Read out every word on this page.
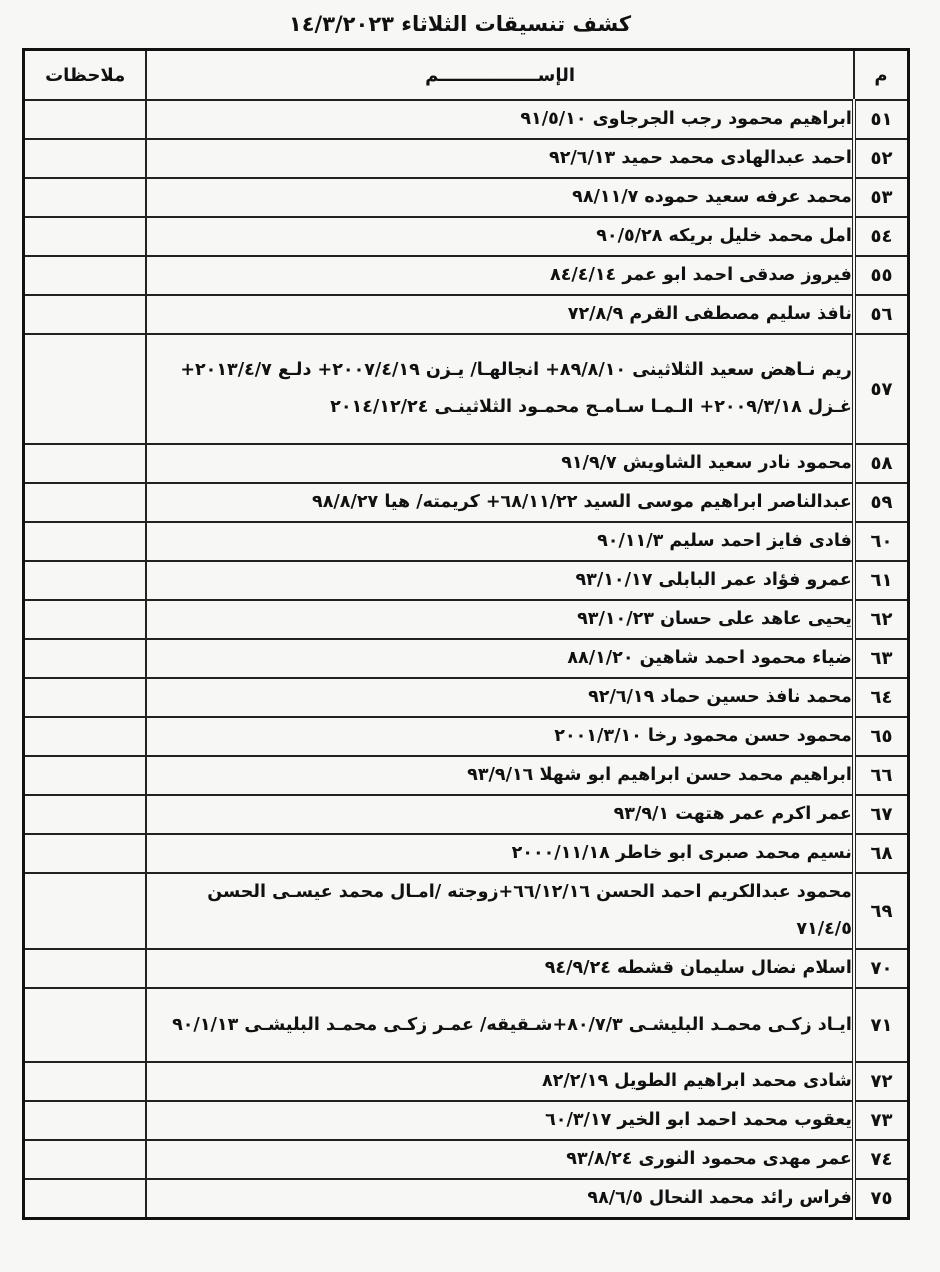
كشف تنسيقات الثلاثاء ١٤/٣/٢٠٢٣
م	الإســــــــــــــــم	ملاحظات
٥١	ابراهيم محمود رجب الجرجاوى ٩١/٥/١٠	
٥٢	احمد عبدالهادى محمد حميد ٩٢/٦/١٣	
٥٣	محمد عرفه سعيد حموده ٩٨/١١/٧	
٥٤	امل محمد خليل بريكه ٩٠/٥/٢٨	
٥٥	فيروز صدقى احمد ابو عمر ٨٤/٤/١٤	
٥٦	نافذ سليم مصطفى القرم ٧٢/٨/٩	
٥٧	ريم نـاهض سعيد الثلاثينى ٨٩/٨/١٠+ انجالهـا/ يـزن ٢٠٠٧/٤/١٩+ دلـع ٢٠١٣/٤/٧+ غـزل ٢٠٠٩/٣/١٨+ الـمـا سـامـح محمـود الثلاثينـى ٢٠١٤/١٢/٢٤	
٥٨	محمود نادر سعيد الشاويش ٩١/٩/٧	
٥٩	عبدالناصر ابراهيم موسى السيد ٦٨/١١/٢٢+ كريمته/ هيا ٩٨/٨/٢٧	
٦٠	فادى فايز احمد سليم ٩٠/١١/٣	
٦١	عمرو فؤاد عمر البابلى ٩٣/١٠/١٧	
٦٢	يحيى عاهد على حسان ٩٣/١٠/٢٣	
٦٣	ضياء محمود احمد شاهين ٨٨/١/٢٠	
٦٤	محمد نافذ حسين حماد ٩٢/٦/١٩	
٦٥	محمود حسن محمود رخا ٢٠٠١/٣/١٠	
٦٦	ابراهيم محمد حسن ابراهيم ابو شهلا ٩٣/٩/١٦	
٦٧	عمر اكرم عمر هتهت ٩٣/٩/١	
٦٨	نسيم محمد صبرى ابو خاطر ٢٠٠٠/١١/١٨	
٦٩	محمود عبدالكريم احمد الحسن ٦٦/١٢/١٦+زوجته /امـال محمد عيسـى الحسن ٧١/٤/٥	
٧٠	اسلام نضال سليمان قشطه ٩٤/٩/٢٤	
٧١	ايـاد زكـى محمـد البليشـى ٨٠/٧/٣+شـقيقه/ عمـر زكـى محمـد البليشـى ٩٠/١/١٣	
٧٢	شادى محمد ابراهيم الطويل ٨٢/٢/١٩	
٧٣	يعقوب محمد احمد ابو الخير ٦٠/٣/١٧	
٧٤	عمر مهدى محمود النورى ٩٣/٨/٢٤	
٧٥	فراس رائد محمد النحال ٩٨/٦/٥	
